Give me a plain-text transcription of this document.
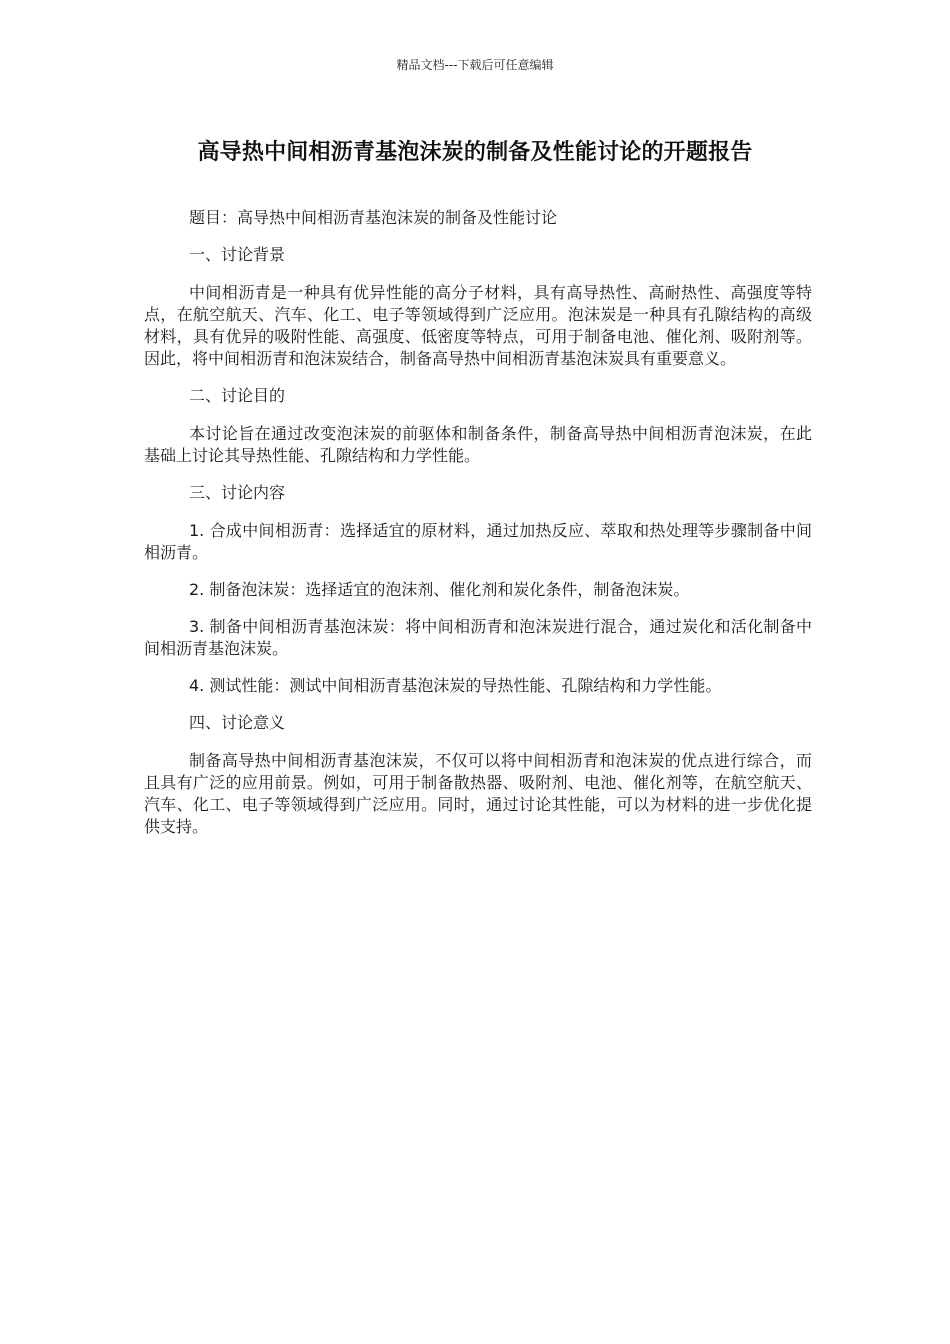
精品文档---下载后可任意编辑
高导热中间相沥青基泡沫炭的制备及性能讨论的开题报告

题目：高导热中间相沥青基泡沫炭的制备及性能讨论

一、讨论背景

中间相沥青是一种具有优异性能的高分子材料，具有高导热性、高耐热性、高强度等特点，在航空航天、汽车、化工、电子等领域得到广泛应用。泡沫炭是一种具有孔隙结构的高级材料，具有优异的吸附性能、高强度、低密度等特点，可用于制备电池、催化剂、吸附剂等。因此，将中间相沥青和泡沫炭结合，制备高导热中间相沥青基泡沫炭具有重要意义。

二、讨论目的

本讨论旨在通过改变泡沫炭的前驱体和制备条件，制备高导热中间相沥青泡沫炭，在此基础上讨论其导热性能、孔隙结构和力学性能。

三、讨论内容

1. 合成中间相沥青：选择适宜的原材料，通过加热反应、萃取和热处理等步骤制备中间相沥青。

2. 制备泡沫炭：选择适宜的泡沫剂、催化剂和炭化条件，制备泡沫炭。

3. 制备中间相沥青基泡沫炭：将中间相沥青和泡沫炭进行混合，通过炭化和活化制备中间相沥青基泡沫炭。

4. 测试性能：测试中间相沥青基泡沫炭的导热性能、孔隙结构和力学性能。

四、讨论意义

制备高导热中间相沥青基泡沫炭，不仅可以将中间相沥青和泡沫炭的优点进行综合，而且具有广泛的应用前景。例如，可用于制备散热器、吸附剂、电池、催化剂等，在航空航天、汽车、化工、电子等领域得到广泛应用。同时，通过讨论其性能，可以为材料的进一步优化提供支持。
